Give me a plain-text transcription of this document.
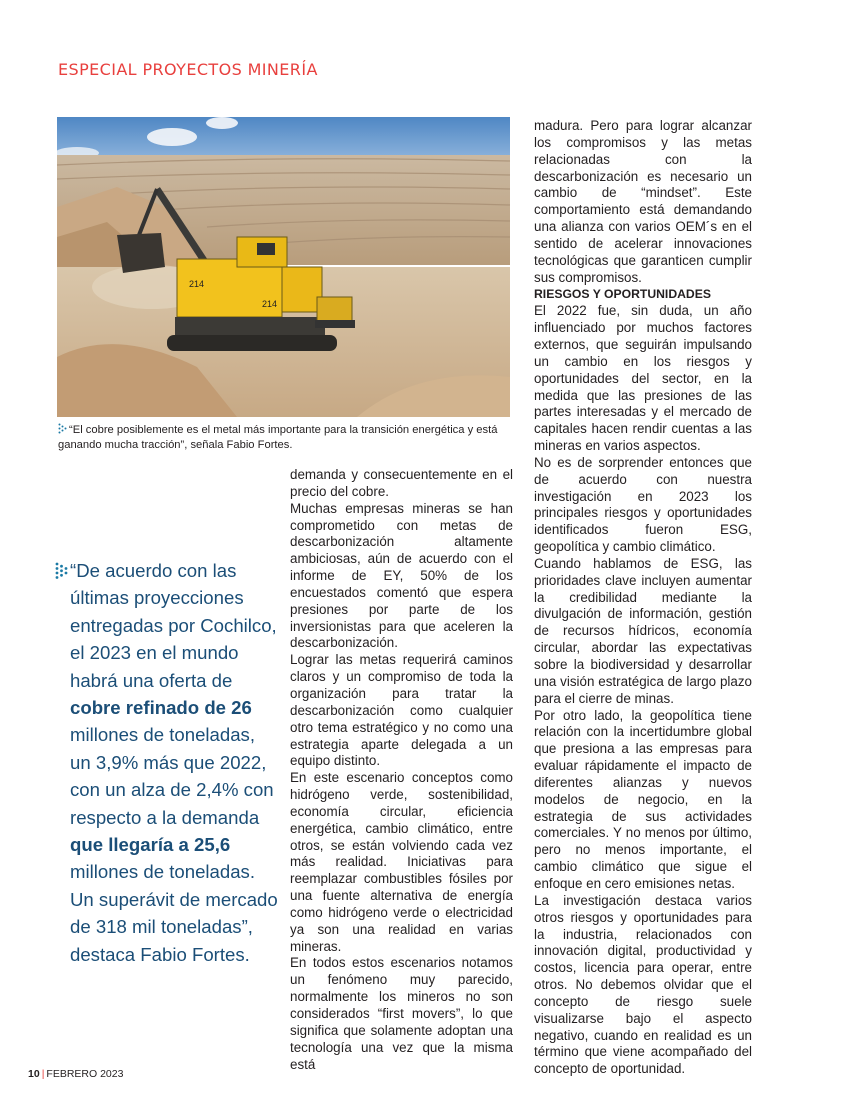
ESPECIAL PROYECTOS MINERÍA
214
214
“El cobre posiblemente es el metal más importante para la transición energética y está ganando mucha tracción”, señala Fabio Fortes.
“De acuerdo con las
últimas proyecciones
entregadas por Cochilco,
el 2023 en el mundo
habrá una oferta de
cobre refinado de 26
millones de toneladas,
un 3,9% más que 2022,
con un alza de 2,4% con
respecto a la demanda
que llegaría a 25,6
millones de toneladas.
Un superávit de mercado
de 318 mil toneladas”,
destaca Fabio Fortes.

demanda y consecuentemente en el precio del cobre.

Muchas empresas mineras se han comprometido con metas de descarbonización altamente ambiciosas, aún de acuerdo con el informe de EY, 50% de los encuestados comentó que espera presiones por parte de los inversionistas para que aceleren la descarbonización.

Lograr las metas requerirá caminos claros y un compromiso de toda la organización para tratar la descarbonización como cualquier otro tema estratégico y no como una estrategia aparte delegada a un equipo distinto.

En este escenario conceptos como hidrógeno verde, sostenibilidad, economía circular, eficiencia energética, cambio climático, entre otros, se están volviendo cada vez más realidad. Iniciativas para reemplazar combustibles fósiles por una fuente alternativa de energía como hidrógeno verde o electricidad ya son una realidad en varias mineras.

En todos estos escenarios notamos un fenómeno muy parecido, normalmente los mineros no son considerados “first movers”, lo que significa que solamente adoptan una tecnología una vez que la misma está

madura. Pero para lograr alcanzar los compromisos y las metas relacionadas con la descarbonización es necesario un cambio de “mindset”. Este comportamiento está demandando una alianza con varios OEM´s en el sentido de acelerar innovaciones tecnológicas que garanticen cumplir sus compromisos.

RIESGOS Y OPORTUNIDADES

El 2022 fue, sin duda, un año influenciado por muchos factores externos, que seguirán impulsando un cambio en los riesgos y oportunidades del sector, en la medida que las presiones de las partes interesadas y el mercado de capitales hacen rendir cuentas a las mineras en varios aspectos.

No es de sorprender entonces que de acuerdo con nuestra investigación en 2023 los principales riesgos y oportunidades identificados fueron ESG, geopolítica y cambio climático.

Cuando hablamos de ESG, las prioridades clave incluyen aumentar la credibilidad mediante la divulgación de información, gestión de recursos hídricos, economía circular, abordar las expectativas sobre la biodiversidad y desarrollar una visión estratégica de largo plazo para el cierre de minas.

Por otro lado, la geopolítica tiene relación con la incertidumbre global que presiona a las empresas para evaluar rápidamente el impacto de diferentes alianzas y nuevos modelos de negocio, en la estrategia de sus actividades comerciales. Y no menos por último, pero no menos importante, el cambio climático que sigue el enfoque en cero emisiones netas.

La investigación destaca varios otros riesgos y oportunidades para la industria, relacionados con innovación digital, productividad y costos, licencia para operar, entre otros. No debemos olvidar que el concepto de riesgo suele visualizarse bajo el aspecto negativo, cuando en realidad es un término que viene acompañado del concepto de oportunidad.

10 | FEBRERO 2023
